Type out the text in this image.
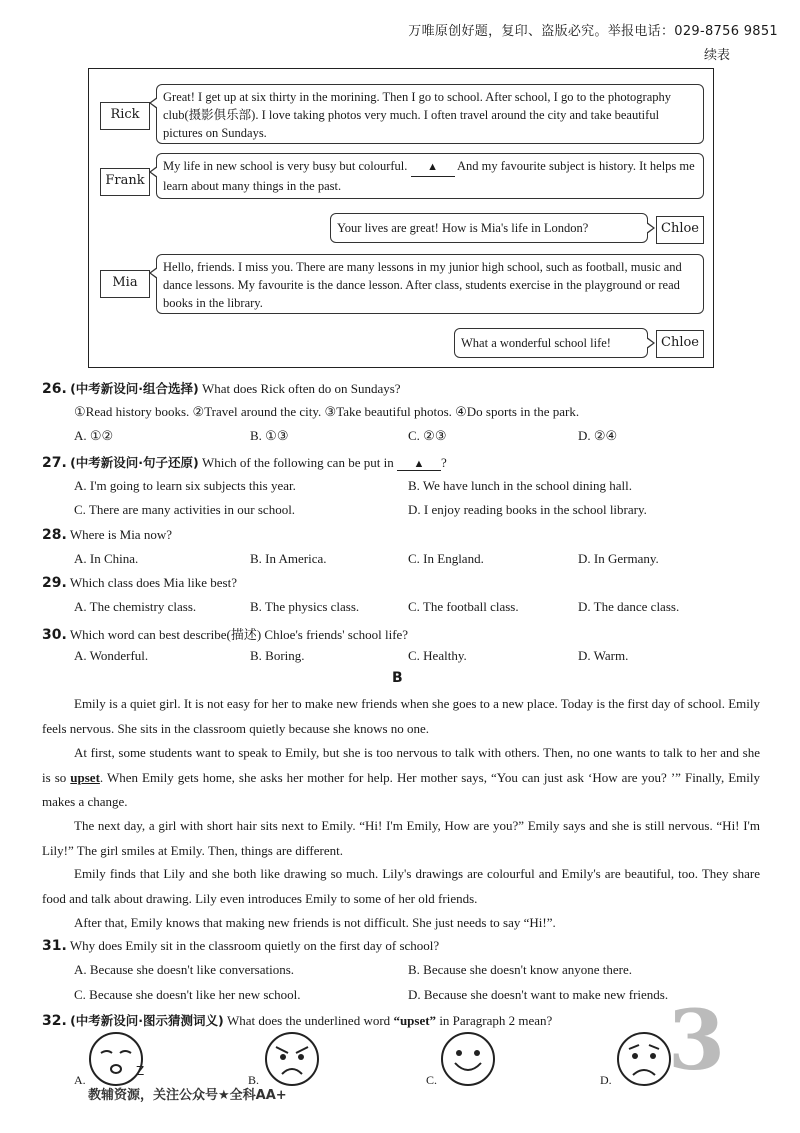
万唯原创好题，复印、盗版必究。举报电话：029-8756 9851
续表
Rick
Great! I get up at six thirty in the morining. Then I go to school. After school, I go to the photography club(摄影俱乐部). I love taking photos very much. I often travel around the city and take beautiful pictures on Sundays.
Frank
My life in new school is very busy but colourful. ▲ And my favourite subject is history. It helps me learn about many things in the past.
Your lives are great! How is Mia's life in London?	Chloe
Mia
Hello, friends. I miss you. There are many lessons in my junior high school, such as football, music and dance lessons. My favourite is the dance lesson. After class, students exercise in the playground or read books in the library.
What a wonderful school life!	Chloe
26. (中考新设问·组合选择) What does Rick often do on Sundays?
①Read history books. ②Travel around the city. ③Take beautiful photos. ④Do sports in the park.
A. ①②	B. ①③	C. ②③	D. ②④
27. (中考新设问·句子还原) Which of the following can be put in ▲ ?
A. I'm going to learn six subjects this year.	B. We have lunch in the school dining hall.
C. There are many activities in our school.	D. I enjoy reading books in the school library.
28. Where is Mia now?
A. In China.	B. In America.	C. In England.	D. In Germany.
29. Which class does Mia like best?
A. The chemistry class.	B. The physics class.	C. The football class.	D. The dance class.
30. Which word can best describe(描述) Chloe's friends' school life?
A. Wonderful.	B. Boring.	C. Healthy.	D. Warm.
B
Emily is a quiet girl. It is not easy for her to make new friends when she goes to a new place. Today is the first day of school. Emily feels nervous. She sits in the classroom quietly because she knows no one.
At first, some students want to speak to Emily, but she is too nervous to talk with others. Then, no one wants to talk to her and she is so upset. When Emily gets home, she asks her mother for help. Her mother says, “You can just ask ‘How are you? ’” Finally, Emily makes a change.
The next day, a girl with short hair sits next to Emily. “Hi! I'm Emily, How are you?” Emily says and she is still nervous. “Hi! I'm Lily!” The girl smiles at Emily. Then, things are different.
Emily finds that Lily and she both like drawing so much. Lily's drawings are colourful and Emily's are beautiful, too. They share food and talk about drawing. Lily even introduces Emily to some of her old friends.
After that, Emily knows that making new friends is not difficult. She just needs to say “Hi!”.
31. Why does Emily sit in the classroom quietly on the first day of school?
A. Because she doesn't like conversations.	B. Because she doesn't know anyone there.
C. Because she doesn't like her new school.	D. Because she doesn't want to make new friends.
32. (中考新设问·图示猜测词义) What does the underlined word “upset” in Paragraph 2 mean? 3
A.
Z
B.	C.	D.
教辅资源，关注公众号★全科AA+
